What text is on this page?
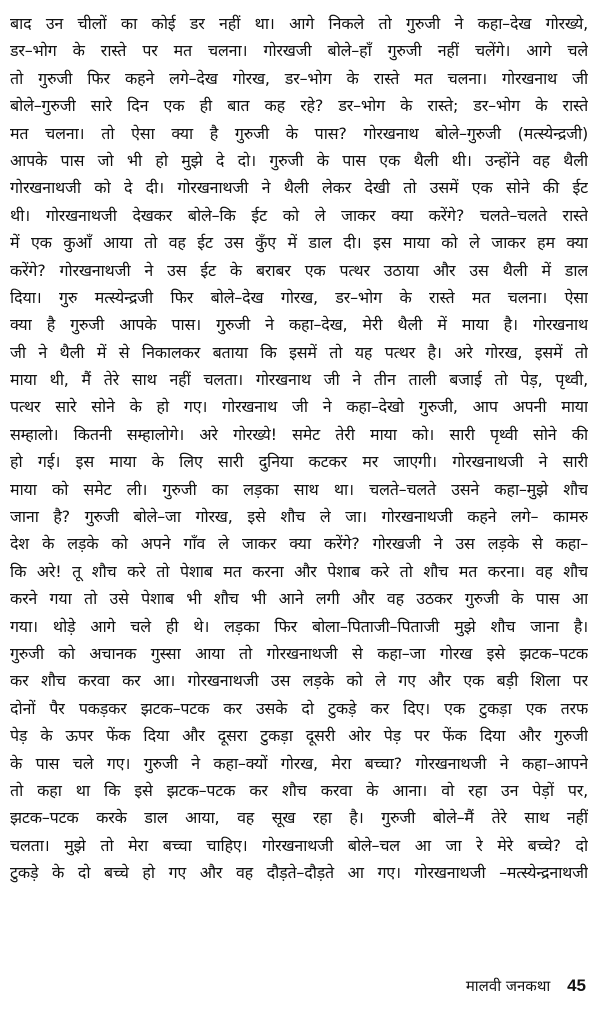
बाद उन चीलों का कोई डर नहीं था। आगे निकले तो गुरुजी ने कहा–देख गोरख्ये,
डर–भोग के रास्ते पर मत चलना। गोरखजी बोले–हाँ गुरुजी नहीं चलेंगे। आगे चले
तो गुरुजी फिर कहने लगे–देख गोरख, डर–भोग के रास्ते मत चलना। गोरखनाथ जी
बोले–गुरुजी सारे दिन एक ही बात कह रहे? डर–भोग के रास्ते; डर–भोग के रास्ते
मत चलना। तो ऐसा क्या है गुरुजी के पास? गोरखनाथ बोले–गुरुजी (मत्स्येन्द्रजी)
आपके पास जो भी हो मुझे दे दो। गुरुजी के पास एक थैली थी। उन्होंने वह थैली
गोरखनाथजी को दे दी। गोरखनाथजी ने थैली लेकर देखी तो उसमें एक सोने की ईट
थी। गोरखनाथजी देखकर बोले–कि ईट को ले जाकर क्या करेंगे? चलते–चलते रास्ते
में एक कुआँ आया तो वह ईट उस कुँए में डाल दी। इस माया को ले जाकर हम क्या
करेंगे? गोरखनाथजी ने उस ईट के बराबर एक पत्थर उठाया और उस थैली में डाल
दिया। गुरु मत्स्येन्द्रजी फिर बोले–देख गोरख, डर–भोग के रास्ते मत चलना। ऐसा
क्या है गुरुजी आपके पास। गुरुजी ने कहा–देख, मेरी थैली में माया है। गोरखनाथ
जी ने थैली में से निकालकर बताया कि इसमें तो यह पत्थर है। अरे गोरख, इसमें तो
माया थी, मैं तेरे साथ नहीं चलता। गोरखनाथ जी ने तीन ताली बजाई तो पेड़, पृथ्वी,
पत्थर सारे सोने के हो गए। गोरखनाथ जी ने कहा–देखो गुरुजी, आप अपनी माया
सम्हालो। कितनी सम्हालोगे। अरे गोरख्ये! समेट तेरी माया को। सारी पृथ्वी सोने की
हो गई। इस माया के लिए सारी दुनिया कटकर मर जाएगी। गोरखनाथजी ने सारी
माया को समेट ली। गुरुजी का लड़का साथ था। चलते–चलते उसने कहा–मुझे शौच
जाना है? गुरुजी बोले–जा गोरख, इसे शौच ले जा। गोरखनाथजी कहने लगे– कामरु
देश के लड़के को अपने गाँव ले जाकर क्या करेंगे? गोरखजी ने उस लड़के से कहा–
कि अरे! तू शौच करे तो पेशाब मत करना और पेशाब करे तो शौच मत करना। वह शौच
करने गया तो उसे पेशाब भी शौच भी आने लगी और वह उठकर गुरुजी के पास आ
गया। थोड़े आगे चले ही थे। लड़का फिर बोला–पिताजी–पिताजी मुझे शौच जाना है।
गुरुजी को अचानक गुस्सा आया तो गोरखनाथजी से कहा–जा गोरख इसे झटक–पटक
कर शौच करवा कर आ। गोरखनाथजी उस लड़के को ले गए और एक बड़ी शिला पर
दोनों पैर पकड़कर झटक–पटक कर उसके दो टुकड़े कर दिए। एक टुकड़ा एक तरफ
पेड़ के ऊपर फेंक दिया और दूसरा टुकड़ा दूसरी ओर पेड़ पर फेंक दिया और गुरुजी
के पास चले गए। गुरुजी ने कहा–क्यों गोरख, मेरा बच्चा? गोरखनाथजी ने कहा–आपने
तो कहा था कि इसे झटक–पटक कर शौच करवा के आना। वो रहा उन पेड़ों पर,
झटक–पटक करके डाल आया, वह सूख रहा है। गुरुजी बोले–मैं तेरे साथ नहीं
चलता। मुझे तो मेरा बच्चा चाहिए। गोरखनाथजी बोले–चल आ जा रे मेरे बच्चे? दो
टुकड़े के दो बच्चे हो गए और वह दौड़ते–दौड़ते आ गए। गोरखनाथजी –मत्स्येन्द्रनाथजी
मालवी जनकथा 45
